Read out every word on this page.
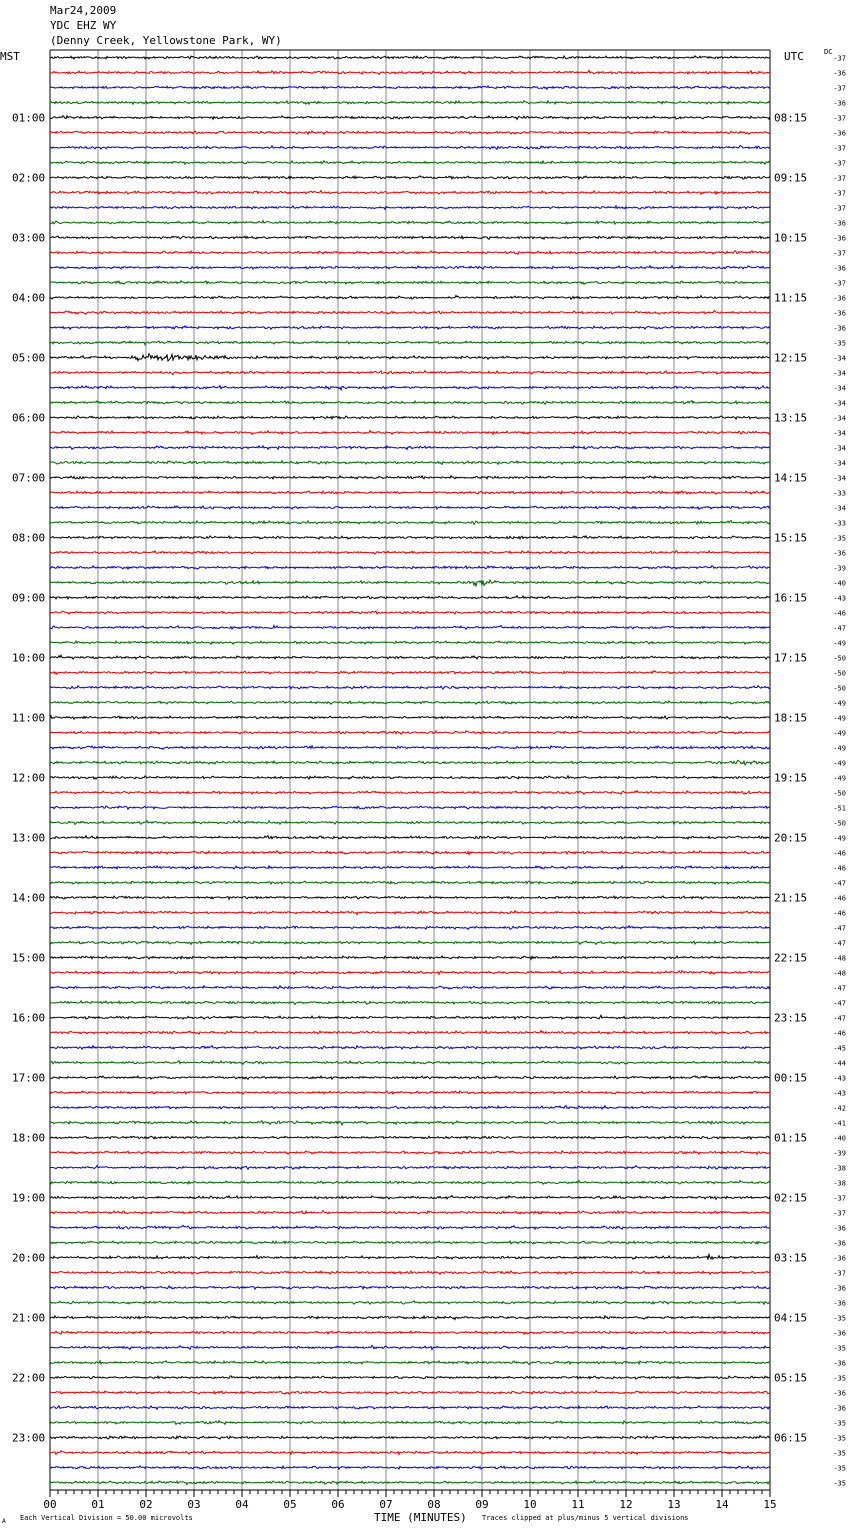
Mar24,2009
YDC EHZ WY
(Denny Creek, Yellowstone Park, WY)
MST	UTC	DC
00	01	02	03	04	05	06	07	08	09	10	11	12	13	14	15
-37
-36
-37
-36
-37
-36
-37
-37
-37
-37
-37
-36
-36
-37
-36
-37
-36
-36
-36
-35
-34
-34
-34
-34
-34
-34
-34
-34
-34
-33
-34
-33
-35
-36
-39
-40
-43
-46
-47
-49
-50
-50
-50
-49
-49
-49
-49
-49
-49
-50
-51
-50
-49
-46
-46
-47
-46
-46
-47
-47
-48
-48
-47
-47
-47
-46
-45
-44
-43
-43
-42
-41
-40
-39
-38
-38
-37
-37
-36
-36
-36
-37
-36
-36
-35
-36
-35
-36
-35
-36
-36
-35
-35
-35
-35
-35
01:00	08:15
02:00	09:15
03:00	10:15
04:00	11:15
05:00	12:15
06:00	13:15
07:00	14:15
08:00	15:15
09:00	16:15
10:00	17:15
11:00	18:15
12:00	19:15
13:00	20:15
14:00	21:15
15:00	22:15
16:00	23:15
17:00	00:15
18:00	01:15
19:00	02:15
20:00	03:15
21:00	04:15
22:00	05:15
23:00	06:15
TIME (MINUTES)
Each Vertical Division = 50.00 microvolts	Traces clipped at plus/minus 5 vertical divisions
A
